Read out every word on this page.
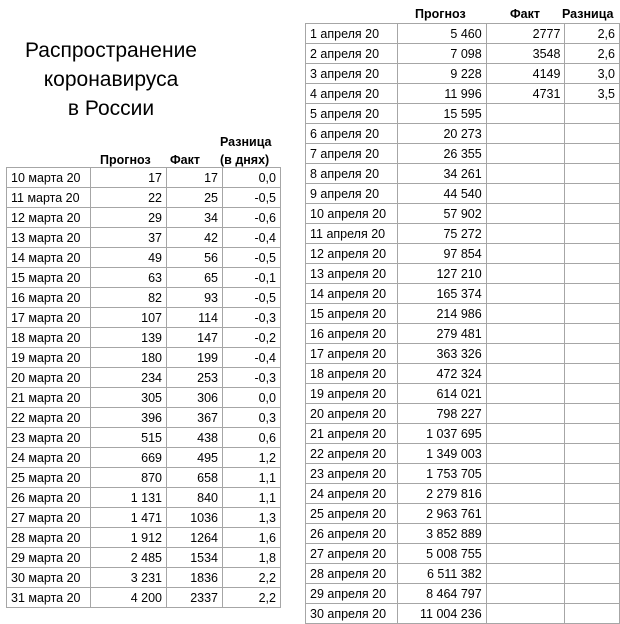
Распространение
коронавируса
в России
Прогноз Факт
Разница
(в днях)
Прогноз	Факт Разница
10 марта 20	17	17	0,0
11 марта 20	22	25	-0,5
12 марта 20	29	34	-0,6
13 марта 20	37	42	-0,4
14 марта 20	49	56	-0,5
15 марта 20	63	65	-0,1
16 марта 20	82	93	-0,5
17 марта 20	107	114	-0,3
18 марта 20	139	147	-0,2
19 марта 20	180	199	-0,4
20 марта 20	234	253	-0,3
21 марта 20	305	306	0,0
22 марта 20	396	367	0,3
23 марта 20	515	438	0,6
24 марта 20	669	495	1,2
25 марта 20	870	658	1,1
26 марта 20	1 131	840	1,1
27 марта 20	1 471	1036	1,3
28 марта 20	1 912	1264	1,6
29 марта 20	2 485	1534	1,8
30 марта 20	3 231	1836	2,2
31 марта 20	4 200	2337	2,2
1 апреля 20	5 460	2777	2,6
2 апреля 20	7 098	3548	2,6
3 апреля 20	9 228	4149	3,0
4 апреля 20	11 996	4731	3,5
5 апреля 20	15 595		
6 апреля 20	20 273		
7 апреля 20	26 355		
8 апреля 20	34 261		
9 апреля 20	44 540		
10 апреля 20	57 902		
11 апреля 20	75 272		
12 апреля 20	97 854		
13 апреля 20	127 210		
14 апреля 20	165 374		
15 апреля 20	214 986		
16 апреля 20	279 481		
17 апреля 20	363 326		
18 апреля 20	472 324		
19 апреля 20	614 021		
20 апреля 20	798 227		
21 апреля 20	1 037 695		
22 апреля 20	1 349 003		
23 апреля 20	1 753 705		
24 апреля 20	2 279 816		
25 апреля 20	2 963 761		
26 апреля 20	3 852 889		
27 апреля 20	5 008 755		
28 апреля 20	6 511 382		
29 апреля 20	8 464 797		
30 апреля 20	11 004 236		
